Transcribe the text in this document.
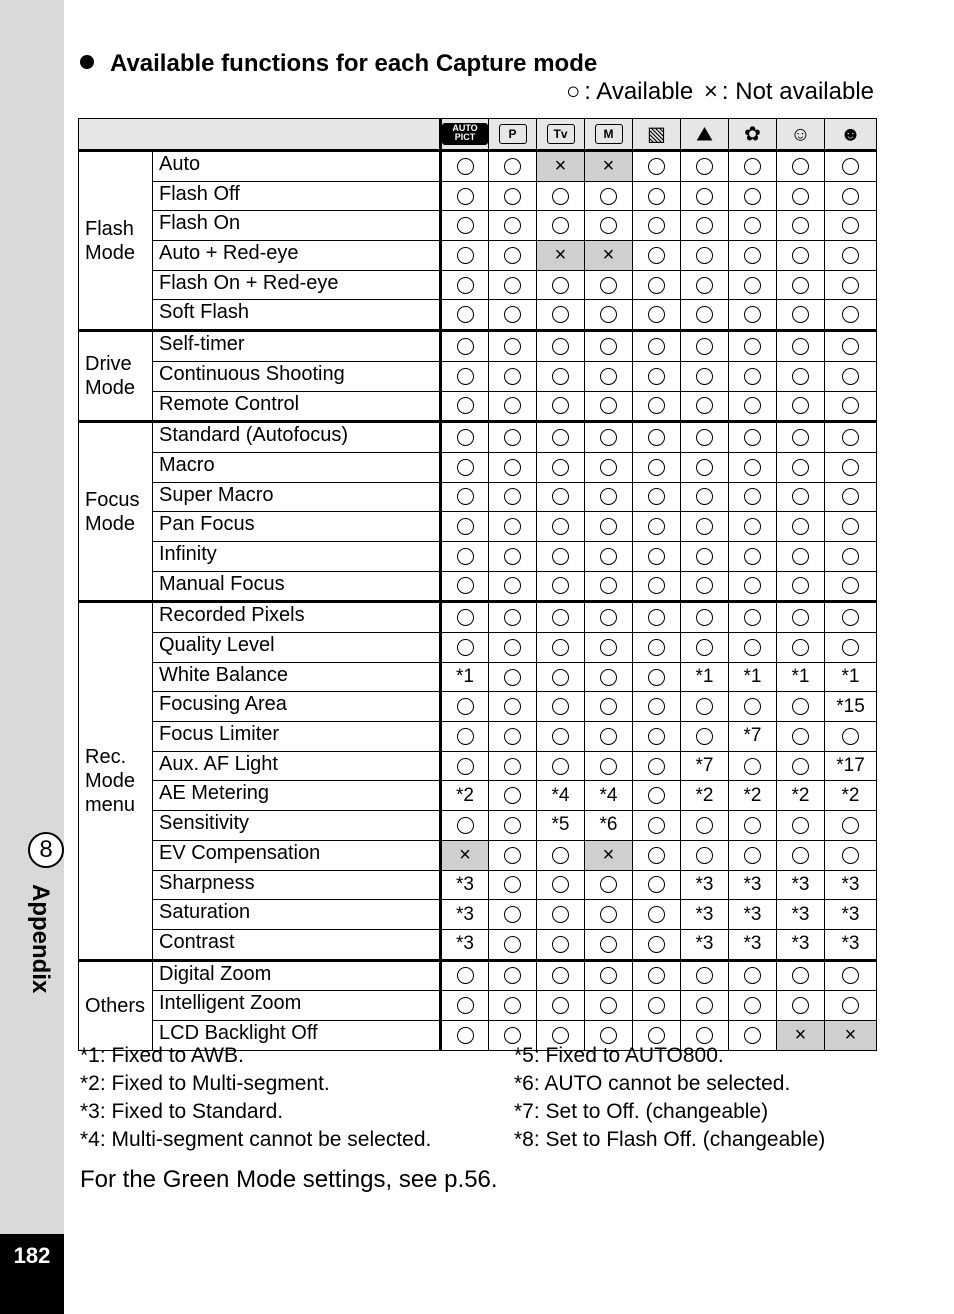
8
Appendix
182
Available functions for each Capture mode
○ : Available × : Not available
		AUTO PICT	P	Tv	M	▧	⛰	✿	☺	☻
Flash Mode	Auto			×	×					
	Flash Off									
	Flash On									
	Auto + Red-eye			×	×					
	Flash On + Red-eye									
	Soft Flash									
Drive Mode	Self-timer									
	Continuous Shooting									
	Remote Control									
Focus Mode	Standard (Autofocus)									
	Macro									
	Super Macro									
	Pan Focus									
	Infinity									
	Manual Focus									
Rec. Mode menu	Recorded Pixels									
	Quality Level									
	White Balance	*1					*1	*1	*1	*1
	Focusing Area									*15
	Focus Limiter							*7		
	Aux. AF Light						*7			*17
	AE Metering	*2		*4	*4		*2	*2	*2	*2
	Sensitivity			*5	*6					
	EV Compensation	×			×					
	Sharpness	*3					*3	*3	*3	*3
	Saturation	*3					*3	*3	*3	*3
	Contrast	*3					*3	*3	*3	*3
Others	Digital Zoom									
	Intelligent Zoom									
	LCD Backlight Off								×	×
*1: Fixed to AWB.
*2: Fixed to Multi-segment.
*3: Fixed to Standard.
*4: Multi-segment cannot be selected.
*5: Fixed to AUTO800.
*6: AUTO cannot be selected.
*7: Set to Off. (changeable)
*8: Set to Flash Off. (changeable)
For the Green Mode settings, see p.56.
